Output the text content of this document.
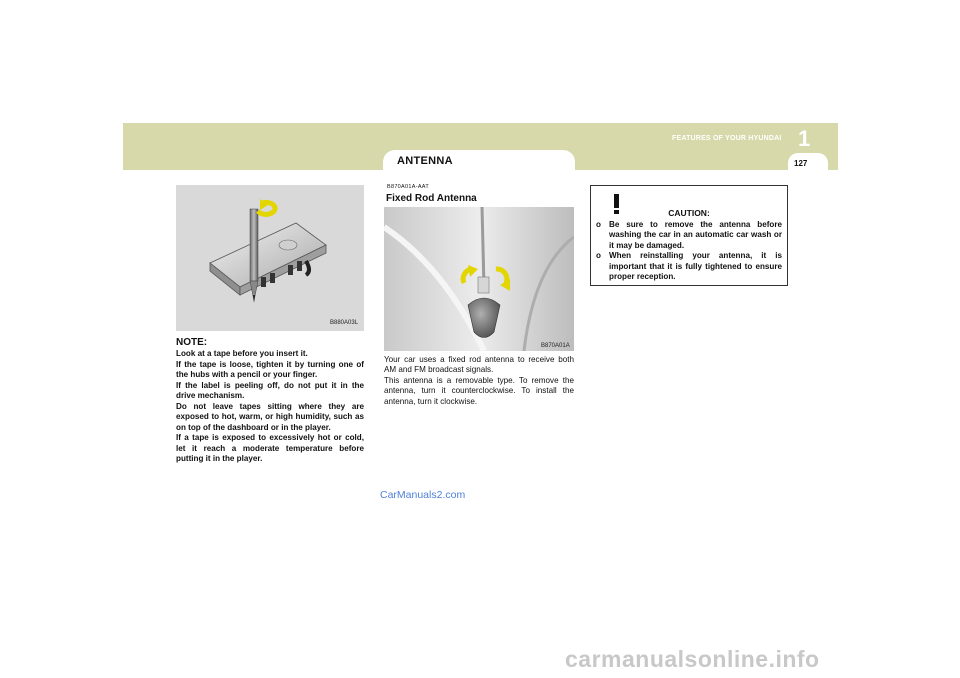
ANTENNA
FEATURES OF YOUR HYUNDAI 1
127
B880A03L
NOTE:

Look at a tape before you insert it.

If the tape is loose, tighten it by turning one of the hubs with a pencil or your finger.

If the label is peeling off, do not put it in the drive mechanism.

Do not leave tapes sitting where they are exposed to hot, warm, or high humidity, such as on top of the dashboard or in the player.

If a tape is exposed to excessively hot or cold, let it reach a moderate temperature before putting it in the player.

B870A01A-AAT
Fixed Rod Antenna
B870A01A

Your car uses a fixed rod antenna to receive both AM and FM broadcast signals.

This antenna is a removable type. To remove the antenna, turn it counterclockwise. To install the antenna, turn it clockwise.

CAUTION:
o Be sure to remove the antenna before washing the car in an automatic car wash or it may be damaged.
o When reinstalling your antenna, it is important that it is fully tightened to ensure proper reception.
CarManuals2.com
carmanualsonline.info
